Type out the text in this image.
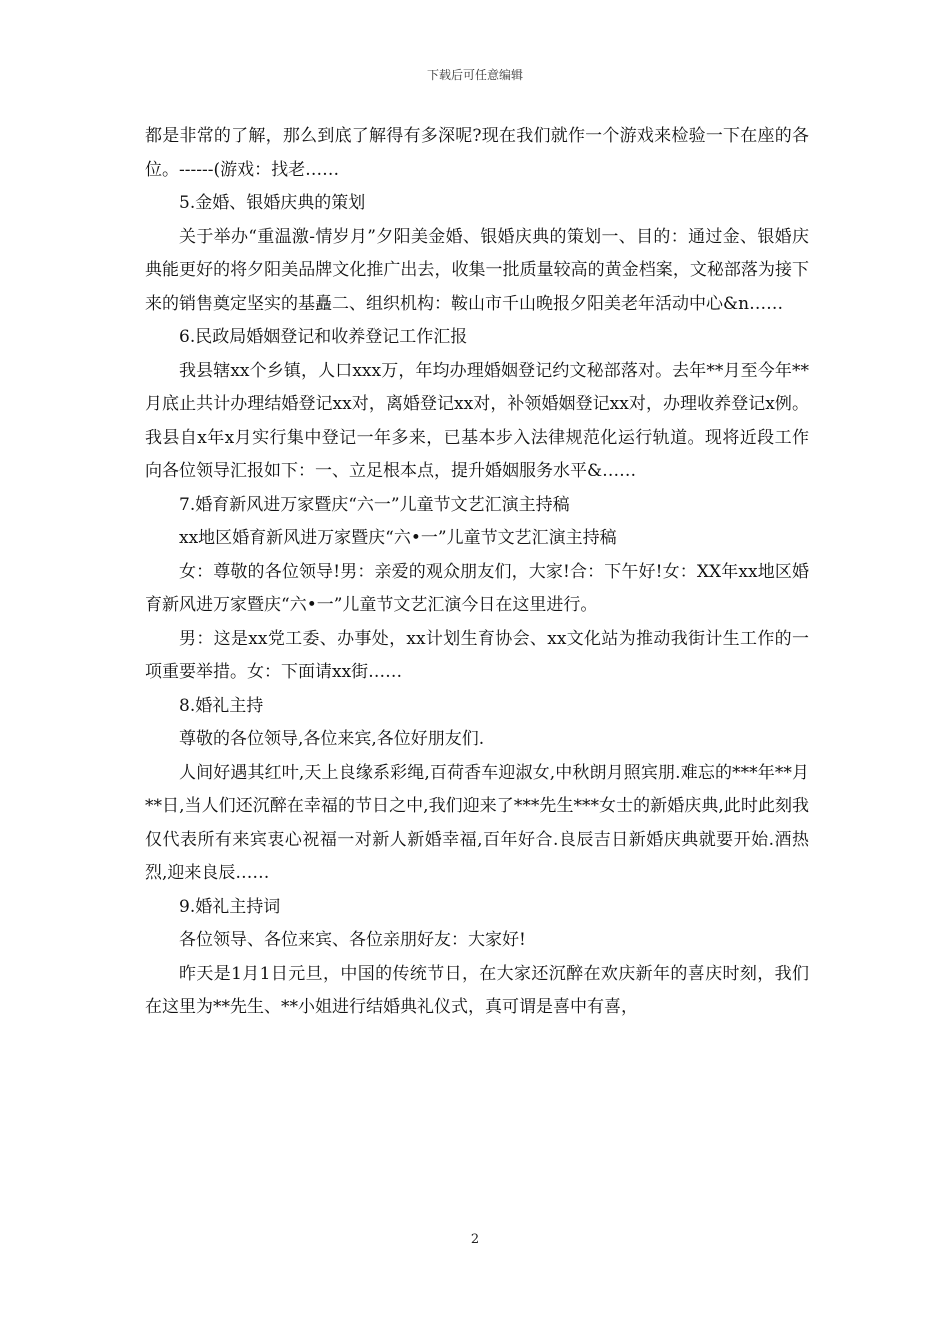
下载后可任意编辑

都是非常的了解，那么到底了解得有多深呢?现在我们就作一个游戏来检验一下在座的各位。------(游戏：找老……

5.金婚、银婚庆典的策划

关于举办“重温激-情岁月”夕阳美金婚、银婚庆典的策划一、目的：通过金、银婚庆典能更好的将夕阳美品牌文化推广出去，收集一批质量较高的黄金档案，文秘部落为接下来的销售奠定坚实的基矗二、组织机构：鞍山市千山晚报夕阳美老年活动中心&n……

6.民政局婚姻登记和收养登记工作汇报

我县辖xx个乡镇，人口xxx万，年均办理婚姻登记约文秘部落对。去年**月至今年**月底止共计办理结婚登记xx对，离婚登记xx对，补领婚姻登记xx对，办理收养登记x例。我县自x年x月实行集中登记一年多来，已基本步入法律规范化运行轨道。现将近段工作向各位领导汇报如下：一、立足根本点，提升婚姻服务水平&……

7.婚育新风进万家暨庆“六一”儿童节文艺汇演主持稿

xx地区婚育新风进万家暨庆“六•一”儿童节文艺汇演主持稿

女：尊敬的各位领导!男：亲爱的观众朋友们，大家!合：下午好!女：XX年xx地区婚育新风进万家暨庆“六•一”儿童节文艺汇演今日在这里进行。

男：这是xx党工委、办事处，xx计划生育协会、xx文化站为推动我街计生工作的一项重要举措。女：下面请xx街……

8.婚礼主持

尊敬的各位领导,各位来宾,各位好朋友们.

人间好遇其红叶,天上良缘系彩绳,百荷香车迎淑女,中秋朗月照宾朋.难忘的***年**月**日,当人们还沉醉在幸福的节日之中,我们迎来了***先生***女士的新婚庆典,此时此刻我仅代表所有来宾衷心祝福一对新人新婚幸福,百年好合.良辰吉日新婚庆典就要开始.酒热烈,迎来良辰……

9.婚礼主持词

各位领导、各位来宾、各位亲朋好友：大家好!

昨天是1月1日元旦，中国的传统节日，在大家还沉醉在欢庆新年的喜庆时刻，我们在这里为**先生、**小姐进行结婚典礼仪式，真可谓是喜中有喜，

2
